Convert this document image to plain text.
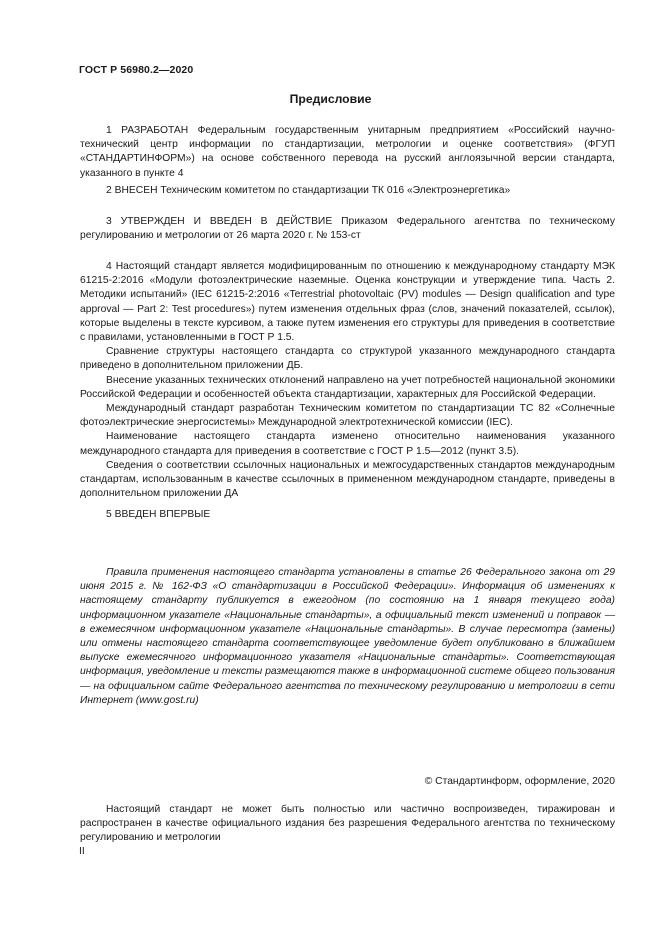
ГОСТ Р 56980.2—2020
Предисловие

1 РАЗРАБОТАН Федеральным государственным унитарным предприятием «Российский научно-технический центр информации по стандартизации, метрологии и оценке соответствия» (ФГУП «СТАНДАРТИНФОРМ») на основе собственного перевода на русский англоязычной версии стандарта, указанного в пункте 4

2 ВНЕСЕН Техническим комитетом по стандартизации ТК 016 «Электроэнергетика»

3 УТВЕРЖДЕН И ВВЕДЕН В ДЕЙСТВИЕ Приказом Федерального агентства по техническому регулированию и метрологии от 26 марта 2020 г. № 153-ст

4 Настоящий стандарт является модифицированным по отношению к международному стандарту МЭК 61215-2:2016 «Модули фотоэлектрические наземные. Оценка конструкции и утверждение типа. Часть 2. Методики испытаний» (IEC 61215-2:2016 «Terrestrial photovoltaic (PV) modules — Design qualification and type approval — Part 2: Test procedures») путем изменения отдельных фраз (слов, значений показателей, ссылок), которые выделены в тексте курсивом, а также путем изменения его структуры для приведения в соответствие с правилами, установленными в ГОСТ Р 1.5.

Сравнение структуры настоящего стандарта со структурой указанного международного стандарта приведено в дополнительном приложении ДБ.

Внесение указанных технических отклонений направлено на учет потребностей национальной экономики Российской Федерации и особенностей объекта стандартизации, характерных для Российской Федерации.

Международный стандарт разработан Техническим комитетом по стандартизации ТС 82 «Солнечные фотоэлектрические энергосистемы» Международной электротехнической комиссии (IEC).

Наименование настоящего стандарта изменено относительно наименования указанного международного стандарта для приведения в соответствие с ГОСТ Р 1.5—2012 (пункт 3.5).

Сведения о соответствии ссылочных национальных и межгосударственных стандартов международным стандартам, использованным в качестве ссылочных в примененном международном стандарте, приведены в дополнительном приложении ДА

5 ВВЕДЕН ВПЕРВЫЕ

Правила применения настоящего стандарта установлены в статье 26 Федерального закона от 29 июня 2015 г. № 162-ФЗ «О стандартизации в Российской Федерации». Информация об изменениях к настоящему стандарту публикуется в ежегодном (по состоянию на 1 января текущего года) информационном указателе «Национальные стандарты», а официальный текст изменений и поправок — в ежемесячном информационном указателе «Национальные стандарты». В случае пересмотра (замены) или отмены настоящего стандарта соответствующее уведомление будет опубликовано в ближайшем выпуске ежемесячного информационного указателя «Национальные стандарты». Соответствующая информация, уведомление и тексты размещаются также в информационной системе общего пользования — на официальном сайте Федерального агентства по техническому регулированию и метрологии в сети Интернет (www.gost.ru)

© Стандартинформ, оформление, 2020

Настоящий стандарт не может быть полностью или частично воспроизведен, тиражирован и распространен в качестве официального издания без разрешения Федерального агентства по техническому регулированию и метрологии

II
